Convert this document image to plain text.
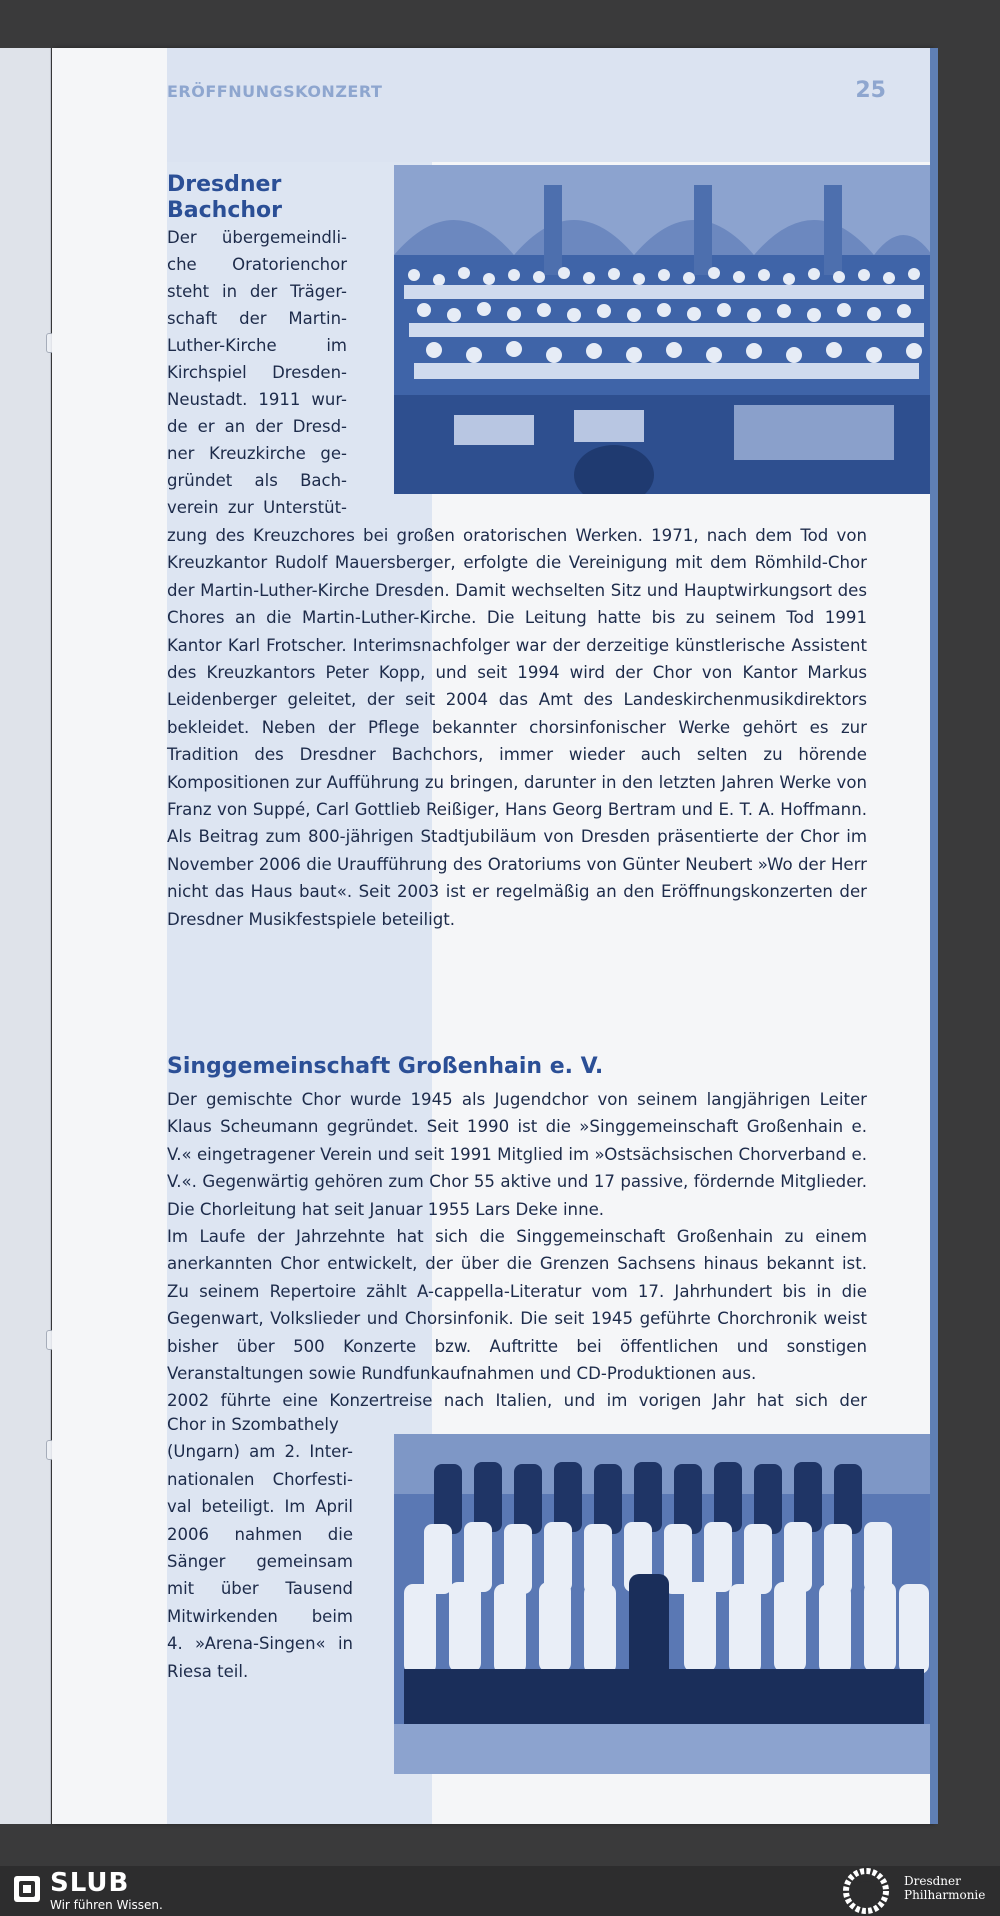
ERÖFFNUNGSKONZERT	25
Dresdner
Bachchor
Der übergemeindli-
che Oratorienchor
steht in der Träger-
schaft der Martin-
Luther-Kirche im
Kirchspiel Dresden-
Neustadt. 1911 wur-
de er an der Dresd-
ner Kreuzkirche ge-
gründet als Bach-
verein zur Unterstüt-
zung des Kreuzchores bei großen oratorischen Werken. 1971, nach dem Tod von Kreuzkantor Rudolf Mauersberger, erfolgte die Vereinigung mit dem Römhild-Chor der Martin-Luther-Kirche Dresden. Damit wechselten Sitz und Hauptwirkungsort des Chores an die Martin-Luther-Kirche. Die Leitung hatte bis zu seinem Tod 1991 Kantor Karl Frotscher. Interimsnachfolger war der derzeitige künstlerische Assistent des Kreuzkantors Peter Kopp, und seit 1994 wird der Chor von Kantor Markus Leidenberger geleitet, der seit 2004 das Amt des Landeskirchenmusikdirektors bekleidet. Neben der Pflege bekannter chorsinfonischer Werke gehört es zur Tradition des Dresdner Bachchors, immer wieder auch selten zu hörende Kompositionen zur Aufführung zu bringen, darunter in den letzten Jahren Werke von Franz von Suppé, Carl Gottlieb Reißiger, Hans Georg Bertram und E. T. A. Hoffmann. Als Beitrag zum 800-jährigen Stadtjubiläum von Dresden präsentierte der Chor im November 2006 die Uraufführung des Oratoriums von Günter Neubert »Wo der Herr nicht das Haus baut«. Seit 2003 ist er regelmäßig an den Eröffnungskonzerten der Dresdner Musikfestspiele beteiligt.
Singgemeinschaft Großenhain e. V.
Der gemischte Chor wurde 1945 als Jugendchor von seinem langjährigen Leiter Klaus Scheumann gegründet. Seit 1990 ist die »Singgemeinschaft Großenhain e. V.« eingetragener Verein und seit 1991 Mitglied im »Ostsächsischen Chorverband e. V.«. Gegenwärtig gehören zum Chor 55 aktive und 17 passive, fördernde Mitglieder. Die Chorleitung hat seit Januar 1955 Lars Deke inne.
Im Laufe der Jahrzehnte hat sich die Singgemeinschaft Großenhain zu einem anerkannten Chor entwickelt, der über die Grenzen Sachsens hinaus bekannt ist. Zu seinem Repertoire zählt A-cappella-Literatur vom 17. Jahrhundert bis in die Gegenwart, Volkslieder und Chorsinfonik. Die seit 1945 geführte Chorchronik weist bisher über 500 Konzerte bzw. Auftritte bei öffentlichen und sonstigen Veranstaltungen sowie Rundfunkaufnahmen und CD-Produktionen aus.
2002 führte eine Konzertreise nach Italien, und im vorigen Jahr hat sich der
Chor in Szombathely
(Ungarn) am 2. Inter-
nationalen Chorfesti-
val beteiligt. Im April
2006 nahmen die
Sänger gemeinsam
mit über Tausend
Mitwirkenden beim
4. »Arena-Singen« in
Riesa teil.
SLUB
Wir führen Wissen.
Dresdner
Philharmonie
